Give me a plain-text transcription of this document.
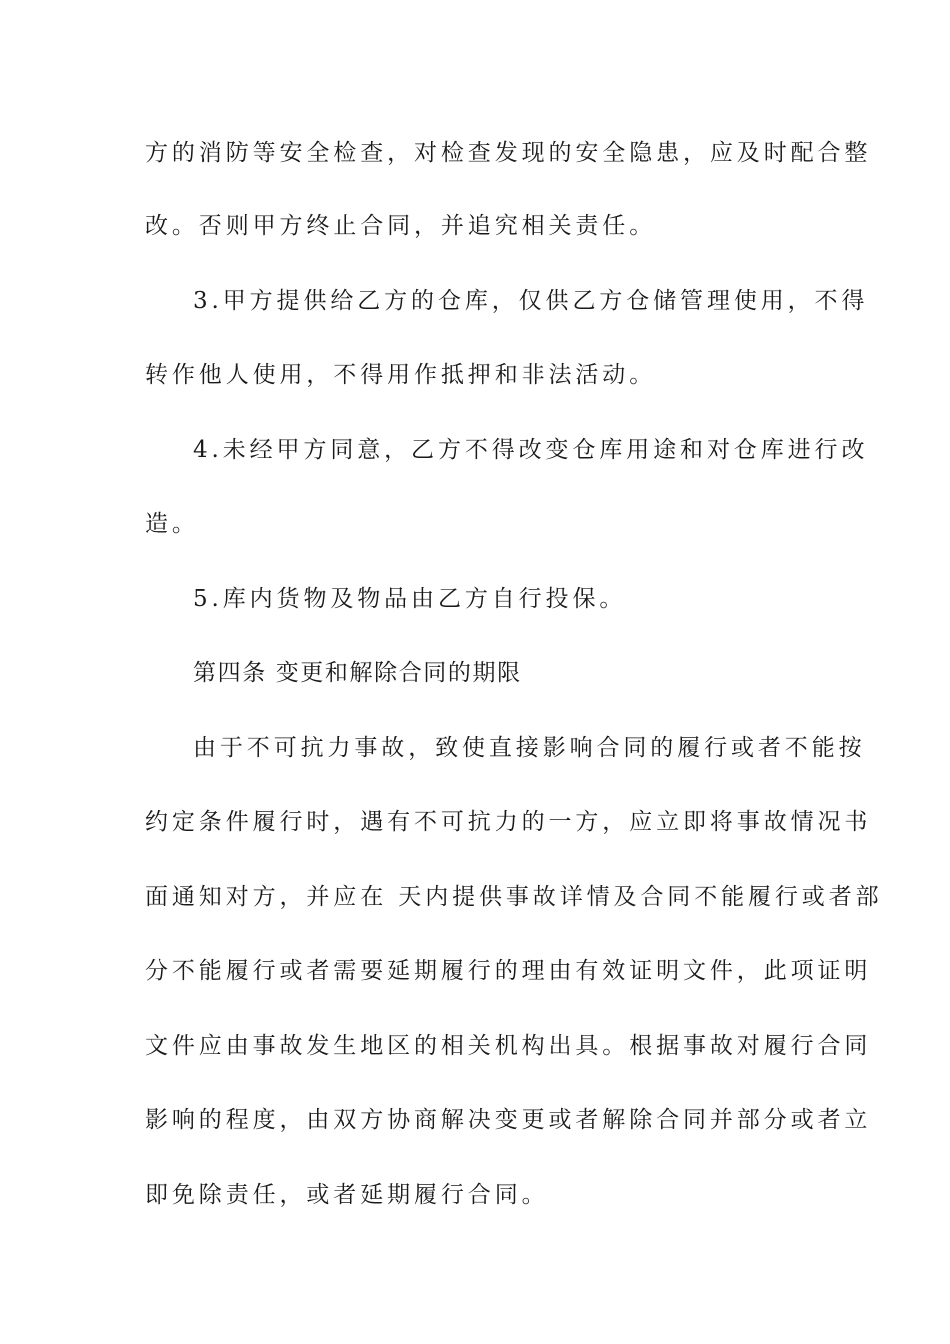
方的消防等安全检查，对检查发现的安全隐患，应及时配合整
改。否则甲方终止合同，并追究相关责任。
3.甲方提供给乙方的仓库，仅供乙方仓储管理使用，不得
转作他人使用，不得用作抵押和非法活动。
4.未经甲方同意，乙方不得改变仓库用途和对仓库进行改
造。
5.库内货物及物品由乙方自行投保。
第四条 变更和解除合同的期限
由于不可抗力事故，致使直接影响合同的履行或者不能按
约定条件履行时，遇有不可抗力的一方，应立即将事故情况书
面通知对方，并应在 天内提供事故详情及合同不能履行或者部
分不能履行或者需要延期履行的理由有效证明文件，此项证明
文件应由事故发生地区的相关机构出具。根据事故对履行合同
影响的程度，由双方协商解决变更或者解除合同并部分或者立
即免除责任，或者延期履行合同。
